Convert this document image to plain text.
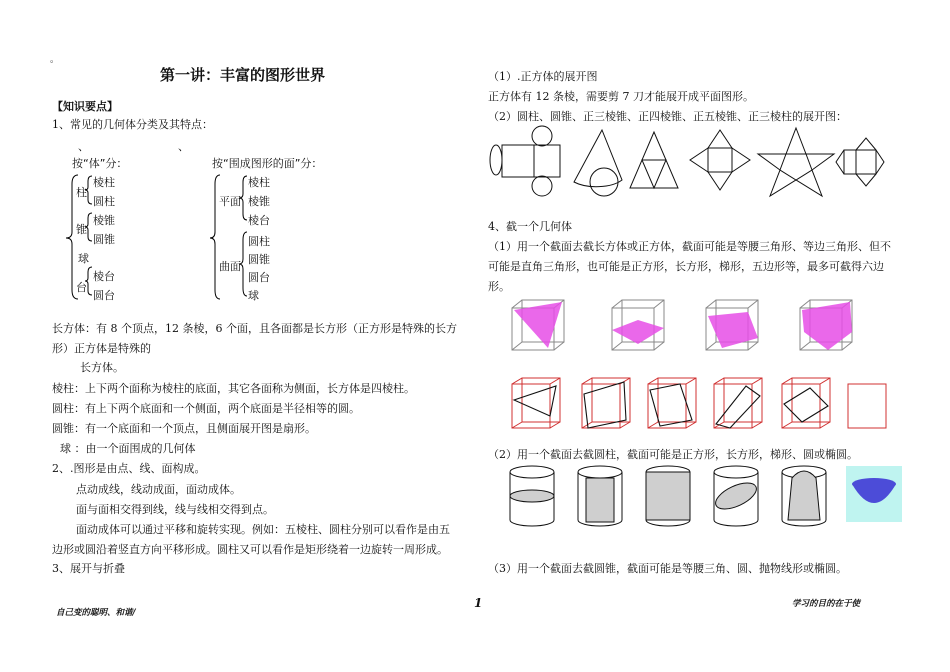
。
第一讲：丰富的图形世界
【知识要点】
1、常见的几何体分类及其特点：
、	、
按“体”分：	按“围成图形的面”分：
柱
棱柱
圆柱
锥
棱锥
圆锥
球
台
棱台
圆台
平面
棱柱
棱锥
棱台
曲面
圆柱
圆锥
圆台
球
长方体：有 8 个顶点，12 条棱，6 个面，且各面都是长方形（正方形是特殊的长方
形）正方体是特殊的
长方体。
棱柱：上下两个面称为棱柱的底面，其它各面称为侧面，长方体是四棱柱。
圆柱：有上下两个底面和一个侧面，两个底面是半径相等的圆。
圆锥：有一个底面和一个顶点，且侧面展开图是扇形。
球 ：由一个面围成的几何体
2、.图形是由点、线、面构成。
点动成线，线动成面，面动成体。
面与面相交得到线，线与线相交得到点。
面动成体可以通过平移和旋转实现。例如：五棱柱、圆柱分别可以看作是由五
边形或圆沿着竖直方向平移形成。圆柱又可以看作是矩形绕着一边旋转一周形成。
3、展开与折叠
（1）.正方体的展开图
正方体有 12 条棱，需要剪 7 刀才能展开成平面图形。
（2）圆柱、圆锥、正三棱锥、正四棱锥、正五棱锥、正三棱柱的展开图：
4、截一个几何体
（1）用一个截面去截长方体或正方体，截面可能是等腰三角形、等边三角形、但不
可能是直角三角形，也可能是正方形，长方形，梯形，五边形等，最多可截得六边
形。
（2）用一个截面去截圆柱，截面可能是正方形，长方形，梯形、圆或椭圆。
（3）用一个截面去截圆锥，截面可能是等腰三角、圆、抛物线形或椭圆。
自己变的聪明、和谐/
1	学习的目的在于使
